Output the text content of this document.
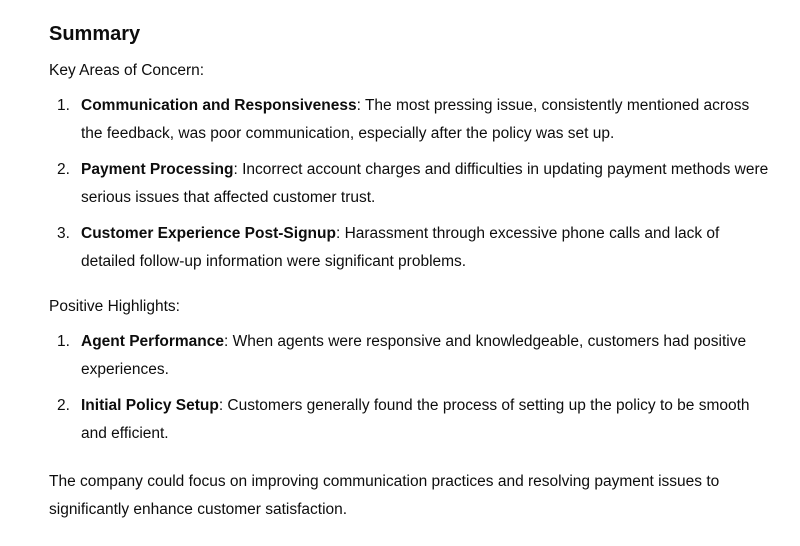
Summary

Key Areas of Concern:

1. Communication and Responsiveness: The most pressing issue, consistently mentioned across the feedback, was poor communication, especially after the policy was set up.
2. Payment Processing: Incorrect account charges and difficulties in updating payment methods were serious issues that affected customer trust.
3. Customer Experience Post-Signup: Harassment through excessive phone calls and lack of detailed follow-up information were significant problems.

Positive Highlights:

1. Agent Performance: When agents were responsive and knowledgeable, customers had positive experiences.
2. Initial Policy Setup: Customers generally found the process of setting up the policy to be smooth and efficient.

The company could focus on improving communication practices and resolving payment issues to significantly enhance customer satisfaction.
